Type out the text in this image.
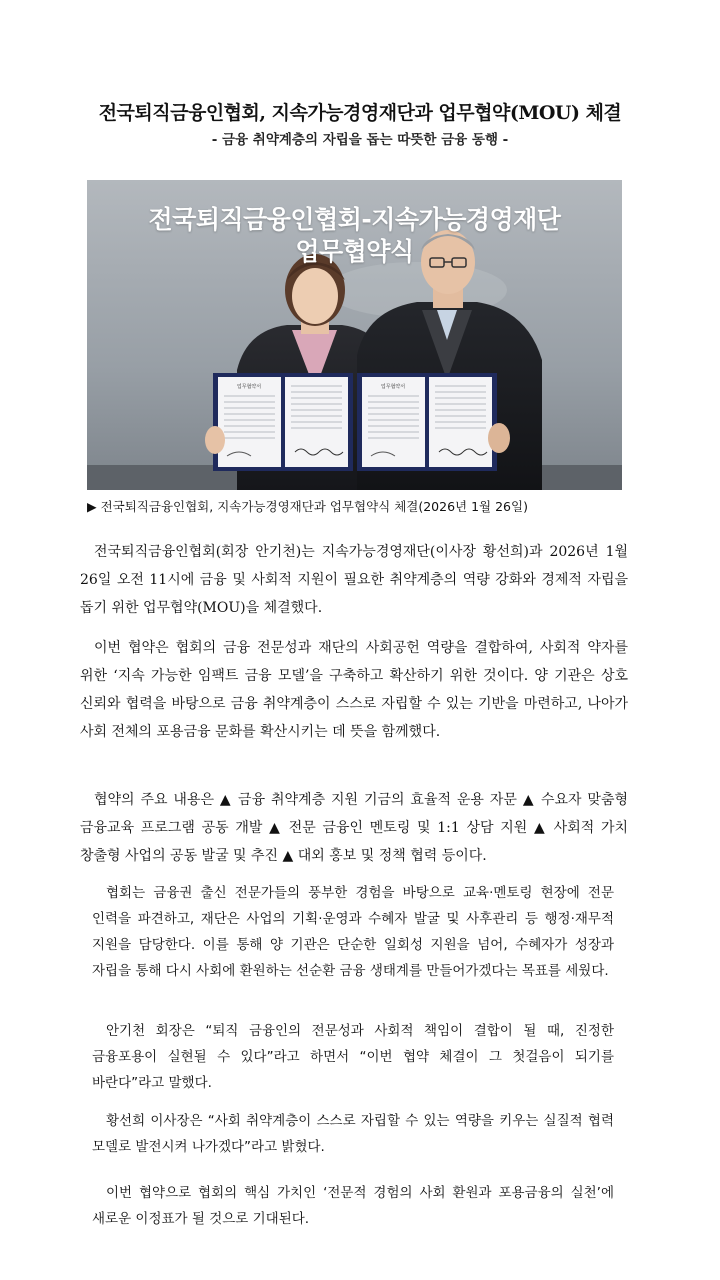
전국퇴직금융인협회, 지속가능경영재단과 업무협약(MOU) 체결
- 금융 취약계층의 자립을 돕는 따뜻한 금융 동행 -
업무협약서	업무협약서
전국퇴직금융인협회-지속가능경영재단
업무협약식
▶ 전국퇴직금융인협회, 지속가능경영재단과 업무협약식 체결(2026년 1월 26일)
전국퇴직금융인협회(회장 안기천)는 지속가능경영재단(이사장 황선희)과 2026년 1월 26일 오전 11시에 금융 및 사회적 지원이 필요한 취약계층의 역량 강화와 경제적 자립을 돕기 위한 업무협약(MOU)을 체결했다.
이번 협약은 협회의 금융 전문성과 재단의 사회공헌 역량을 결합하여, 사회적 약자를 위한 ‘지속 가능한 임팩트 금융 모델’을 구축하고 확산하기 위한 것이다. 양 기관은 상호 신뢰와 협력을 바탕으로 금융 취약계층이 스스로 자립할 수 있는 기반을 마련하고, 나아가 사회 전체의 포용금융 문화를 확산시키는 데 뜻을 함께했다.
협약의 주요 내용은 ▲ 금융 취약계층 지원 기금의 효율적 운용 자문 ▲ 수요자 맞춤형 금융교육 프로그램 공동 개발 ▲ 전문 금융인 멘토링 및 1:1 상담 지원 ▲ 사회적 가치 창출형 사업의 공동 발굴 및 추진 ▲ 대외 홍보 및 정책 협력 등이다.
협회는 금융권 출신 전문가들의 풍부한 경험을 바탕으로 교육·멘토링 현장에 전문 인력을 파견하고, 재단은 사업의 기획·운영과 수혜자 발굴 및 사후관리 등 행정·재무적 지원을 담당한다. 이를 통해 양 기관은 단순한 일회성 지원을 넘어, 수혜자가 성장과 자립을 통해 다시 사회에 환원하는 선순환 금융 생태계를 만들어가겠다는 목표를 세웠다.
안기천 회장은 “퇴직 금융인의 전문성과 사회적 책임이 결합이 될 때, 진정한 금융포용이 실현될 수 있다”라고 하면서 “이번 협약 체결이 그 첫걸음이 되기를 바란다”라고 말했다.
황선희 이사장은 “사회 취약계층이 스스로 자립할 수 있는 역량을 키우는 실질적 협력 모델로 발전시켜 나가겠다”라고 밝혔다.
이번 협약으로 협회의 핵심 가치인 ‘전문적 경험의 사회 환원과 포용금융의 실천’에 새로운 이정표가 될 것으로 기대된다.
